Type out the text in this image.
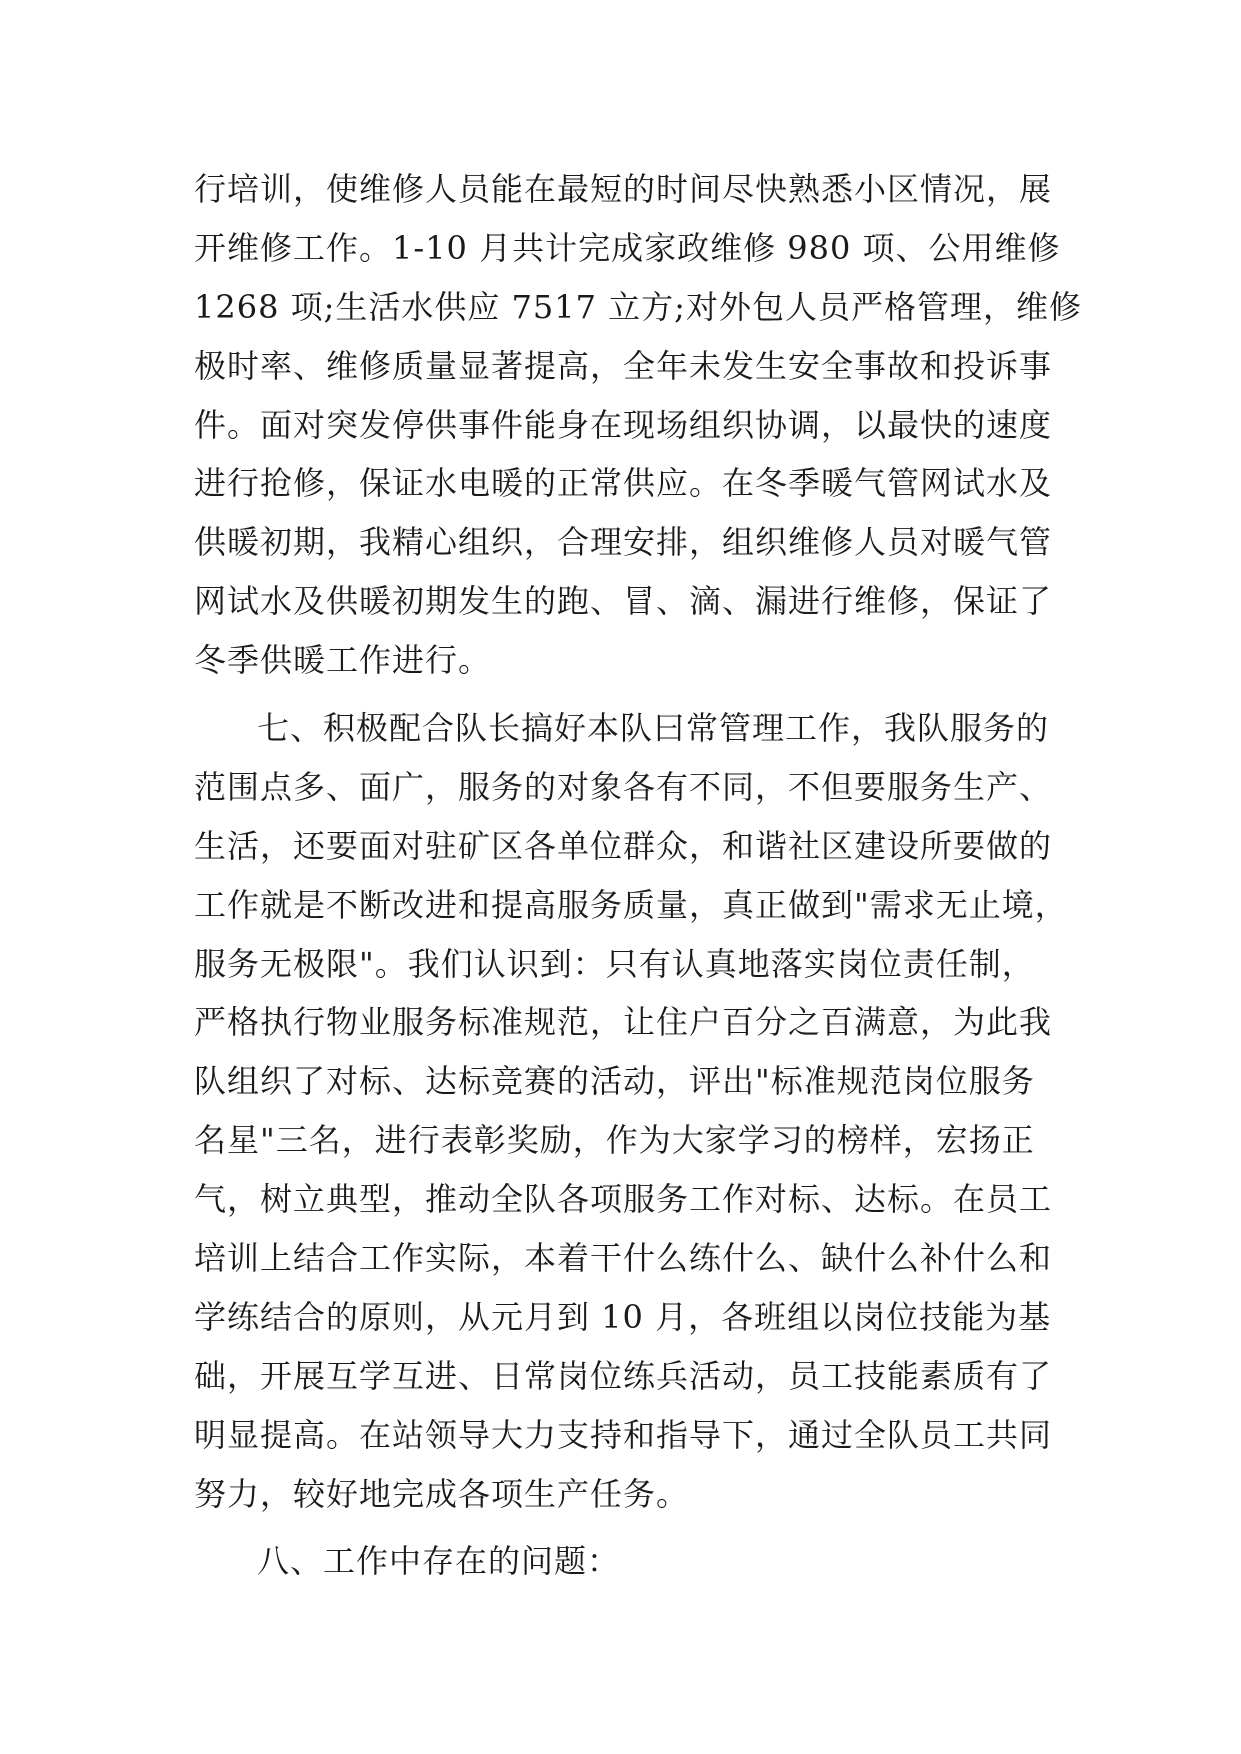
行培训，使维修人员能在最短的时间尽快熟悉小区情况，展
开维修工作。1-10 月共计完成家政维修 980 项、公用维修
1268 项;生活水供应 7517 立方;对外包人员严格管理，维修
极时率、维修质量显著提高，全年未发生安全事故和投诉事
件。面对突发停供事件能身在现场组织协调，以最快的速度
进行抢修，保证水电暖的正常供应。在冬季暖气管网试水及
供暖初期，我精心组织，合理安排，组织维修人员对暖气管
网试水及供暖初期发生的跑、冒、滴、漏进行维修，保证了
冬季供暖工作进行。
七、积极配合队长搞好本队曰常管理工作，我队服务的
范围点多、面广，服务的对象各有不同，不但要服务生产、
生活，还要面对驻矿区各单位群众，和谐社区建设所要做的
工作就是不断改进和提高服务质量，真正做到"需求无止境，
服务无极限"。我们认识到：只有认真地落实岗位责任制，
严格执行物业服务标准规范，让住户百分之百满意，为此我
队组织了对标、达标竞赛的活动，评出"标准规范岗位服务
名星"三名，进行表彰奖励，作为大家学习的榜样，宏扬正
气，树立典型，推动全队各项服务工作对标、达标。在员工
培训上结合工作实际，本着干什么练什么、缺什么补什么和
学练结合的原则，从元月到 10 月，各班组以岗位技能为基
础，开展互学互进、日常岗位练兵活动，员工技能素质有了
明显提高。在站领导大力支持和指导下，通过全队员工共同
努力，较好地完成各项生产任务。
八、工作中存在的问题：
